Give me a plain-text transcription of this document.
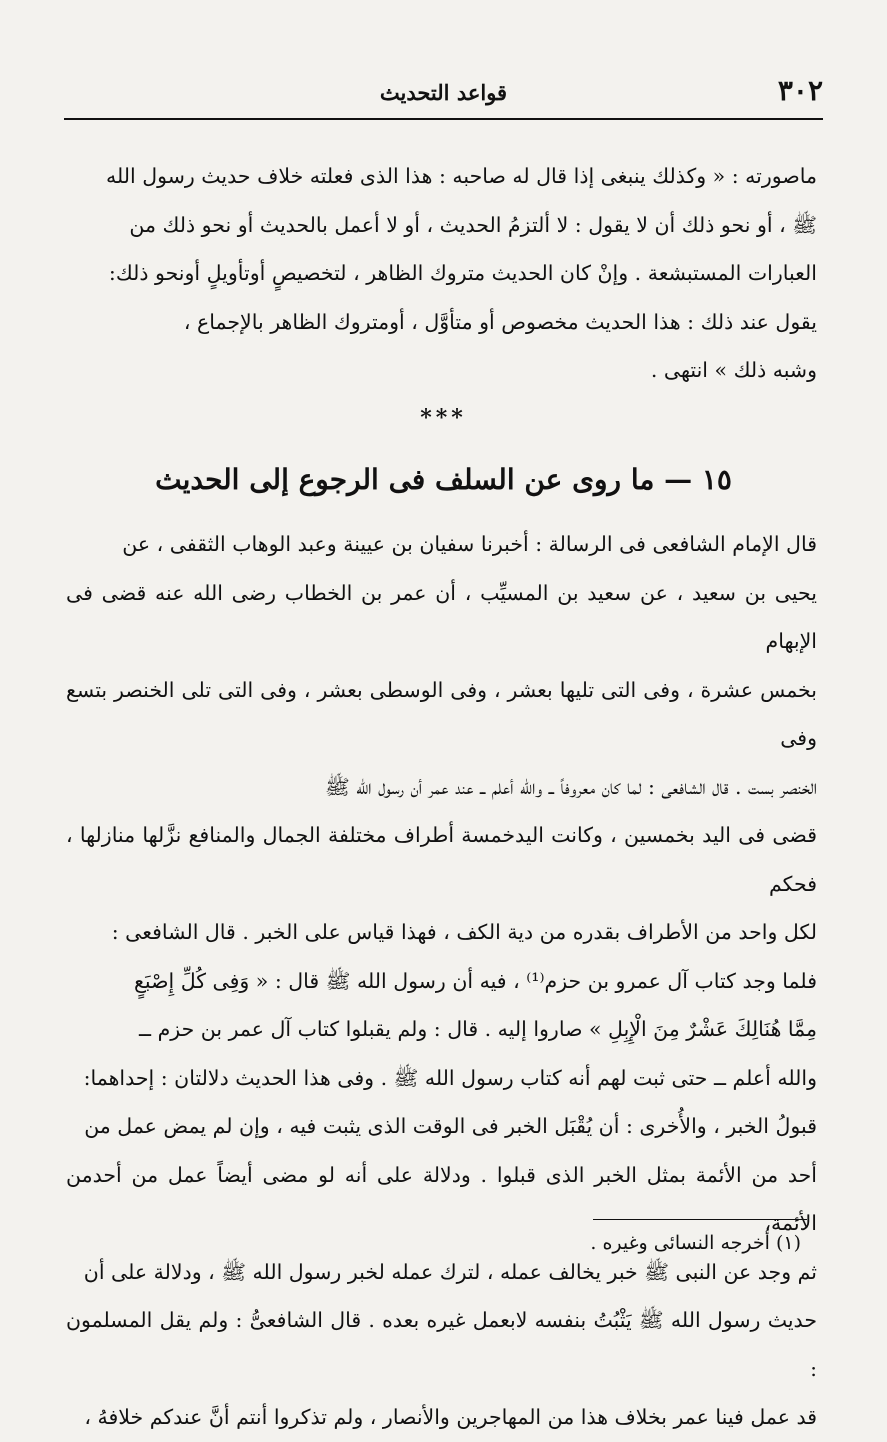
٣٠٢
قواعد التحديث
ماصورته : « وكذلك ينبغى إذا قال له صاحبه : هذا الذى فعلته خلاف حديث رسول الله
ﷺ ، أو نحو ذلك أن لا يقول : لا ألتزمُ الحديث ، أو لا أعمل بالحديث أو نحو ذلك من
العبارات المستبشعة . وإنْ كان الحديث متروك الظاهر ، لتخصيصٍ أوتأويلٍ أونحو ذلك:
يقول عند ذلك : هذا الحديث مخصوص أو متأوَّل ، أومتروك الظاهر بالإجماع ،
وشبه ذلك » انتهى .
***
١٥ — ما روى عن السلف فى الرجوع إلى الحديث
قال الإمام الشافعى فى الرسالة : أخبرنا سفيان بن عيينة وعبد الوهاب الثقفى ، عن
يحيى بن سعيد ، عن سعيد بن المسيِّب ، أن عمر بن الخطاب رضى الله عنه قضى فى الإبهام
بخمس عشرة ، وفى التى تليها بعشر ، وفى الوسطى بعشر ، وفى التى تلى الخنصر بتسع وفى
الخنصر بست . قال الشافعى : لما كان معروفاً ــ والله أعلم ــ عند عمر أن رسول الله ﷺ
قضى فى اليد بخمسين ، وكانت اليدخمسة أطراف مختلفة الجمال والمنافع نزَّلها منازلها ، فحكم
لكل واحد من الأطراف بقدره من دية الكف ، فهذا قياس على الخبر . قال الشافعى :
فلما وجد كتاب آل عمرو بن حزم⁽¹⁾ ، فيه أن رسول الله ﷺ قال : « وَفِى كُلِّ إِصْبَعٍ
مِمَّا هُنَالِكَ عَشْرٌ مِنَ الْإِبِلِ » صاروا إليه . قال : ولم يقبلوا كتاب آل عمر بن حزم ــ
والله أعلم ــ حتى ثبت لهم أنه كتاب رسول الله ﷺ . وفى هذا الحديث دلالتان : إحداهما:
قبولُ الخبر ، والأُخرى : أن يُقْبَل الخبر فى الوقت الذى يثبت فيه ، وإن لم يمض عمل من
أحد من الأئمة بمثل الخبر الذى قبلوا . ودلالة على أنه لو مضى أيضاً عمل من أحدمن الأئمة،
ثم وجد عن النبى ﷺ خبر يخالف عمله ، لترك عمله لخبر رسول الله ﷺ ، ودلالة على أن
حديث رسول الله ﷺ يَثْبُتُ بنفسه لابعمل غيره بعده . قال الشافعىُّ : ولم يقل المسلمون :
قد عمل فينا عمر بخلاف هذا من المهاجرين والأنصار ، ولم تذكروا أنتم أنَّ عندكم خلافهُ ،
(١) أخرجه النسائى وغيره .
